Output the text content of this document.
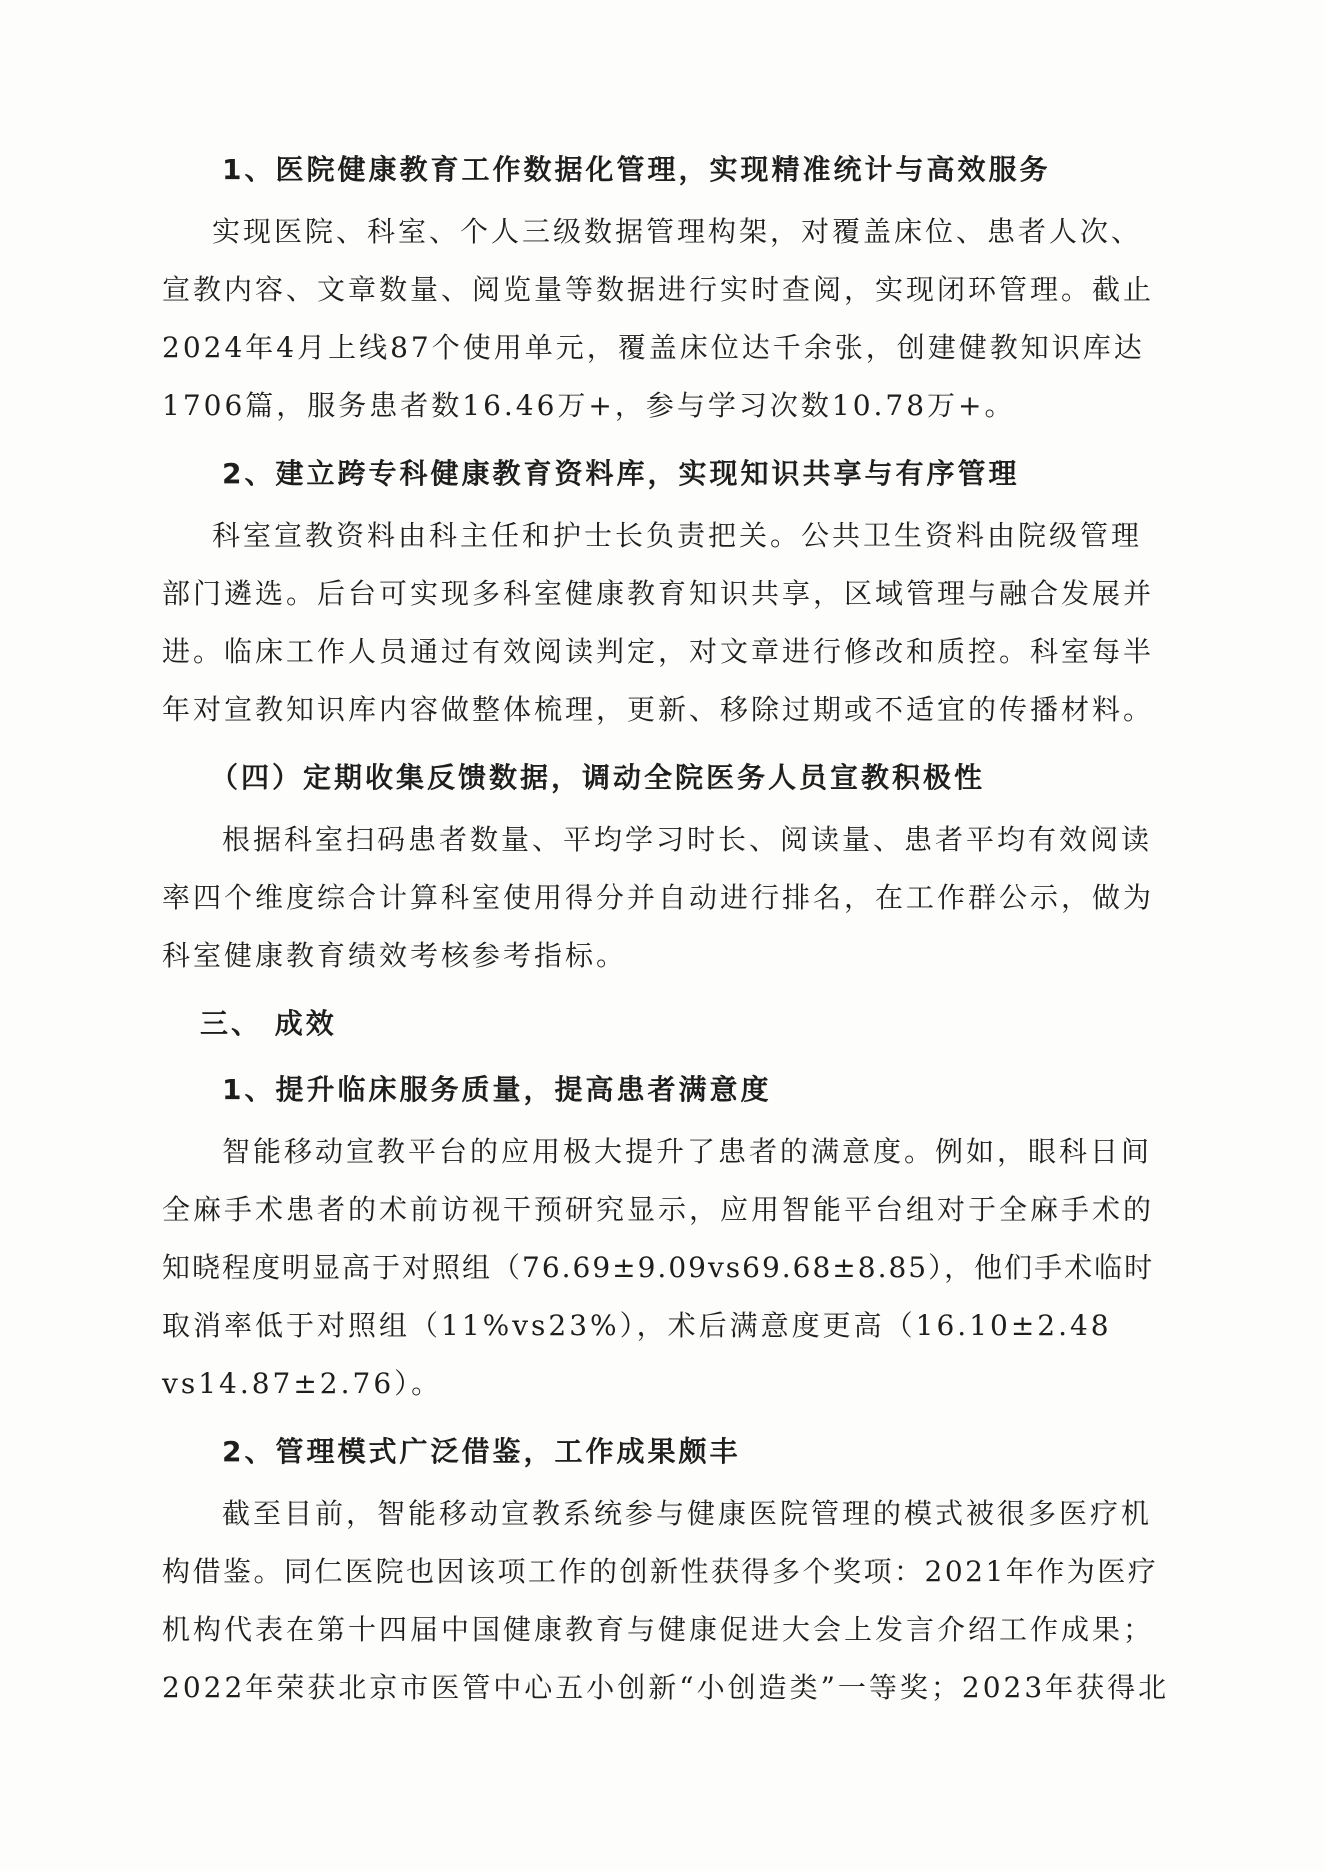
1、医院健康教育工作数据化管理，实现精准统计与高效服务
实现医院、科室、个人三级数据管理构架，对覆盖床位、患者人次、
宣教内容、文章数量、阅览量等数据进行实时查阅，实现闭环管理。截止
2024年4月上线87个使用单元，覆盖床位达千余张，创建健教知识库达
1706篇，服务患者数16.46万+，参与学习次数10.78万+。
2、建立跨专科健康教育资料库，实现知识共享与有序管理
科室宣教资料由科主任和护士长负责把关。公共卫生资料由院级管理
部门遴选。后台可实现多科室健康教育知识共享，区域管理与融合发展并
进。临床工作人员通过有效阅读判定，对文章进行修改和质控。科室每半
年对宣教知识库内容做整体梳理，更新、移除过期或不适宜的传播材料。
（四）定期收集反馈数据，调动全院医务人员宣教积极性
根据科室扫码患者数量、平均学习时长、阅读量、患者平均有效阅读
率四个维度综合计算科室使用得分并自动进行排名，在工作群公示，做为
科室健康教育绩效考核参考指标。
三、 成效
1、提升临床服务质量，提高患者满意度
智能移动宣教平台的应用极大提升了患者的满意度。例如，眼科日间
全麻手术患者的术前访视干预研究显示，应用智能平台组对于全麻手术的
知晓程度明显高于对照组（76.69±9.09vs69.68±8.85），他们手术临时
取消率低于对照组（11%vs23%），术后满意度更高（16.10±2.48
vs14.87±2.76）。
2、管理模式广泛借鉴，工作成果颇丰
截至目前，智能移动宣教系统参与健康医院管理的模式被很多医疗机
构借鉴。同仁医院也因该项工作的创新性获得多个奖项：2021年作为医疗
机构代表在第十四届中国健康教育与健康促进大会上发言介绍工作成果；
2022年荣获北京市医管中心五小创新“小创造类”一等奖；2023年获得北
